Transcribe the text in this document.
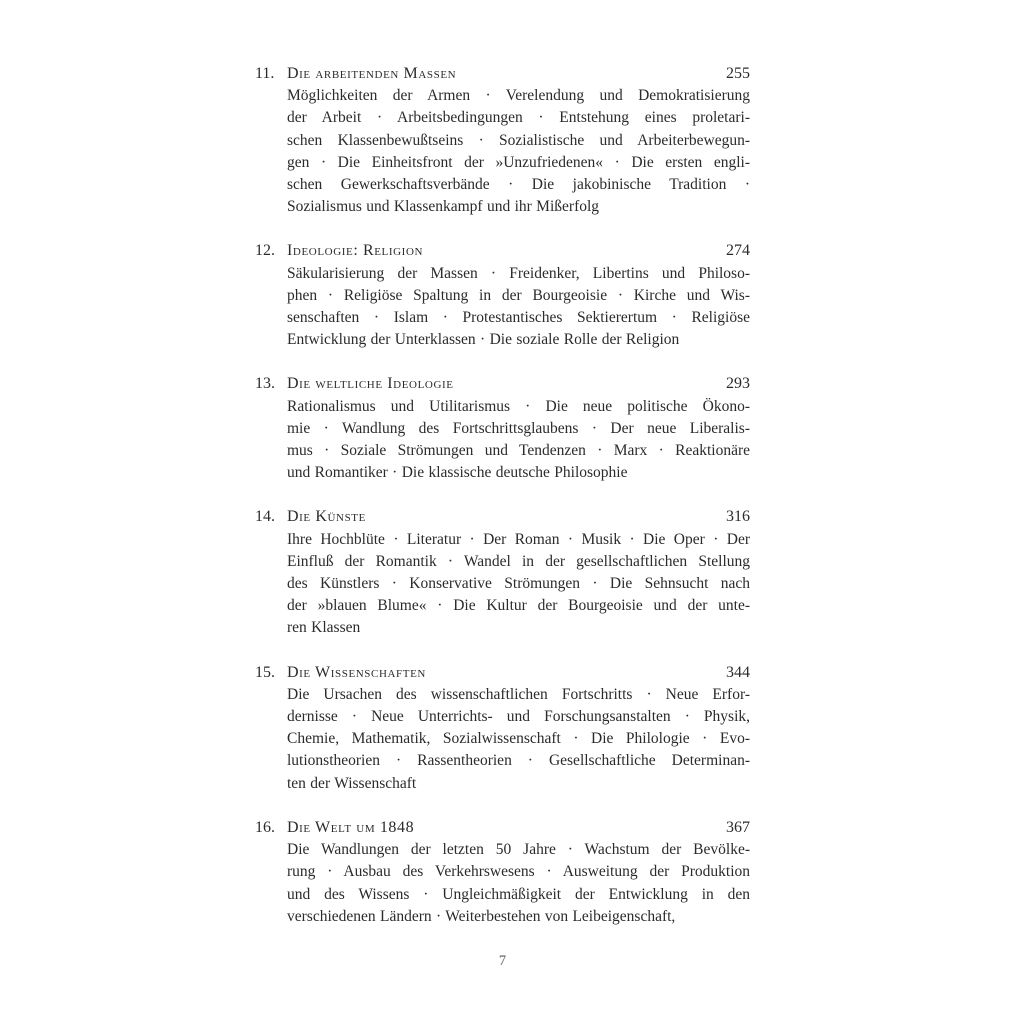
11. Die arbeitenden Massen	255
Möglichkeiten der Armen · Verelendung und Demokratisierung
der Arbeit · Arbeitsbedingungen · Entstehung eines proletari-
schen Klassenbewußtseins · Sozialistische und Arbeiterbewegun-
gen · Die Einheitsfront der »Unzufriedenen« · Die ersten engli-
schen Gewerkschaftsverbände · Die jakobinische Tradition ·
Sozialismus und Klassenkampf und ihr Mißerfolg
12. Ideologie: Religion	274
Säkularisierung der Massen · Freidenker, Libertins und Philoso-
phen · Religiöse Spaltung in der Bourgeoisie · Kirche und Wis-
senschaften · Islam · Protestantisches Sektierertum · Religiöse
Entwicklung der Unterklassen · Die soziale Rolle der Religion
13. Die weltliche Ideologie	293
Rationalismus und Utilitarismus · Die neue politische Ökono-
mie · Wandlung des Fortschrittsglaubens · Der neue Liberalis-
mus · Soziale Strömungen und Tendenzen · Marx · Reaktionäre
und Romantiker · Die klassische deutsche Philosophie
14. Die Künste	316
Ihre Hochblüte · Literatur · Der Roman · Musik · Die Oper · Der
Einfluß der Romantik · Wandel in der gesellschaftlichen Stellung
des Künstlers · Konservative Strömungen · Die Sehnsucht nach
der »blauen Blume« · Die Kultur der Bourgeoisie und der unte-
ren Klassen
15. Die Wissenschaften	344
Die Ursachen des wissenschaftlichen Fortschritts · Neue Erfor-
dernisse · Neue Unterrichts- und Forschungsanstalten · Physik,
Chemie, Mathematik, Sozialwissenschaft · Die Philologie · Evo-
lutionstheorien · Rassentheorien · Gesellschaftliche Determinan-
ten der Wissenschaft
16. Die Welt um 1848	367
Die Wandlungen der letzten 50 Jahre · Wachstum der Bevölke-
rung · Ausbau des Verkehrswesens · Ausweitung der Produktion
und des Wissens · Ungleichmäßigkeit der Entwicklung in den
verschiedenen Ländern · Weiterbestehen von Leibeigenschaft,
7
